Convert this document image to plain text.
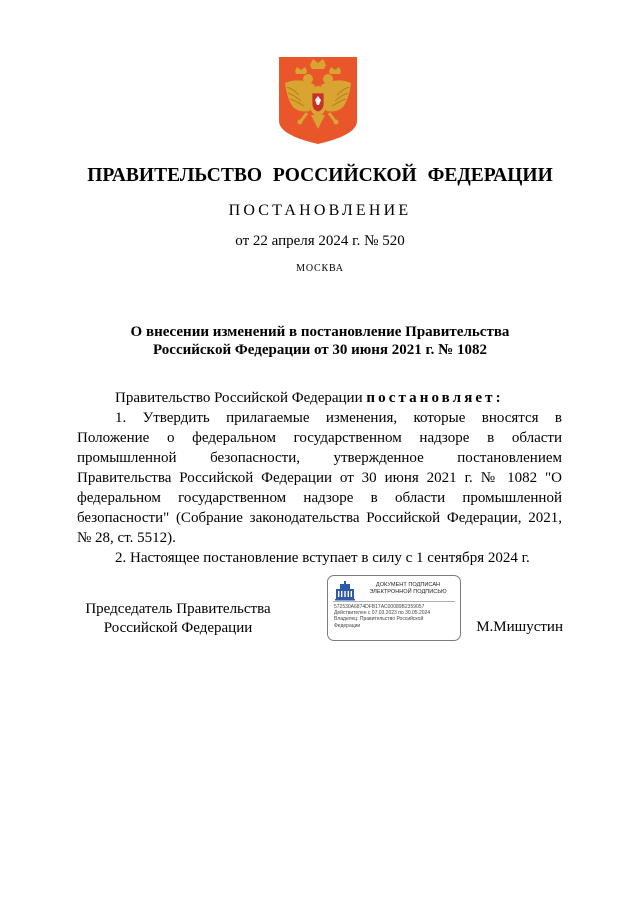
ПРАВИТЕЛЬСТВО РОССИЙСКОЙ ФЕДЕРАЦИИ
ПОСТАНОВЛЕНИЕ
от 22 апреля 2024 г. № 520
МОСКВА
О внесении изменений в постановление Правительства
Российской Федерации от 30 июня 2021 г. № 1082

Правительство Российской Федерации постановляет:

1. Утвердить прилагаемые изменения, которые вносятся в Положение о федеральном государственном надзоре в области промышленной безопасности, утвержденное постановлением Правительства Российской Федерации от 30 июня 2021 г. № 1082 "О федеральном государственном надзоре в области промышленной безопасности" (Собрание законодательства Российской Федерации, 2021, № 28, ст. 5512).

2. Настоящее постановление вступает в силу с 1 сентября 2024 г.

Председатель Правительства
Российской Федерации
ДОКУМЕНТ ПОДПИСАН
ЭЛЕКТРОННОЙ ПОДПИСЬЮ
572530A6874DFB17AC00089B2359057
Действителен с 07.03.2023 по 30.05.2024
Владелец: Правительство Российской
Федерации	М.Мишустин
